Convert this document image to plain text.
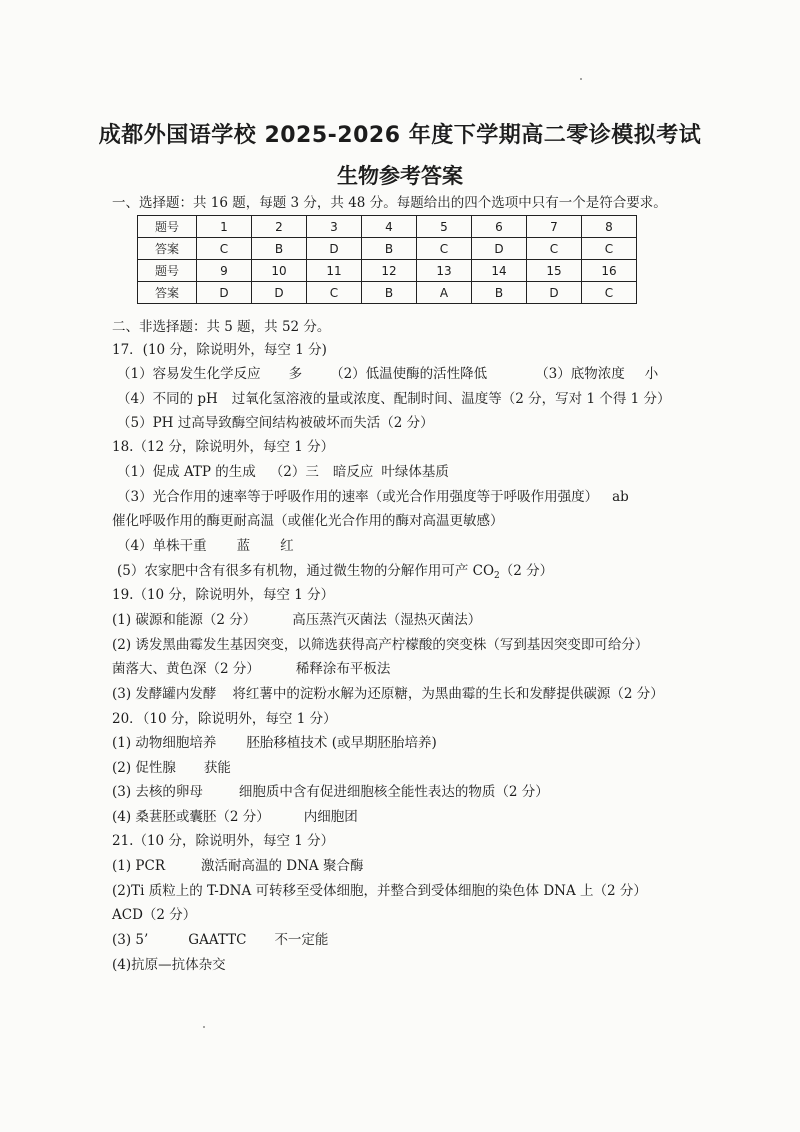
成都外国语学校 2025-2026 年度下学期高二零诊模拟考试
生物参考答案
一、选择题：共 16 题，每题 3 分，共 48 分。每题给出的四个选项中只有一个是符合要求。
题号	1	2	3	4	5	6	7	8
答案	C	B	D	B	C	D	C	C
题号	9	10	11	12	13	14	15	16
答案	D	D	C	B	A	B	D	C
二、非选择题：共 5 题，共 52 分。
17．(10 分，除说明外，每空 1 分)
（1）容易发生化学反应 多 （2）低温使酶的活性降低	（3）底物浓度 小
（4）不同的 pH 过氧化氢溶液的量或浓度、配制时间、温度等（2 分，写对 1 个得 1 分）
（5）PH 过高导致酶空间结构被破坏而失活（2 分）
18.（12 分，除说明外，每空 1 分）
（1）促成 ATP 的生成 （2）三 暗反应 叶绿体基质
（3）光合作用的速率等于呼吸作用的速率（或光合作用强度等于呼吸作用强度） ab
催化呼吸作用的酶更耐高温（或催化光合作用的酶对高温更敏感）
（4）单株干重 蓝 红
(5）农家肥中含有很多有机物，通过微生物的分解作用可产 $CO_2(2$ 分）
19.（10 分，除说明外，每空 1 分）
(1) 碳源和能源（2 分）	高压蒸汽灭菌法（湿热灭菌法）
(2) 诱发黑曲霉发生基因突变，以筛选获得高产柠檬酸的突变株（写到基因突变即可给分）
菌落大、黄色深（2 分）	稀释涂布平板法
(3) 发酵罐内发酵 将红薯中的淀粉水解为还原糖，为黑曲霉的生长和发酵提供碳源（2 分）
20．（10 分，除说明外，每空 1 分）
(1) 动物细胞培养 胚胎移植技术 (或早期胚胎培养)
(2) 促性腺 获能
(3) 去核的卵母	细胞质中含有促进细胞核全能性表达的物质（2 分）
(4) 桑葚胚或囊胚（2 分）	内细胞团
21.（10 分，除说明外，每空 1 分）
(1) PCR	激活耐高温的 DNA 聚合酶
(2)Ti 质粒上的 T-DNA 可转移至受体细胞，并整合到受体细胞的染色体 DNA 上（2 分）
ACD（2 分）
(3) 5’	GAATTC 不一定能
(4)抗原—抗体杂交
